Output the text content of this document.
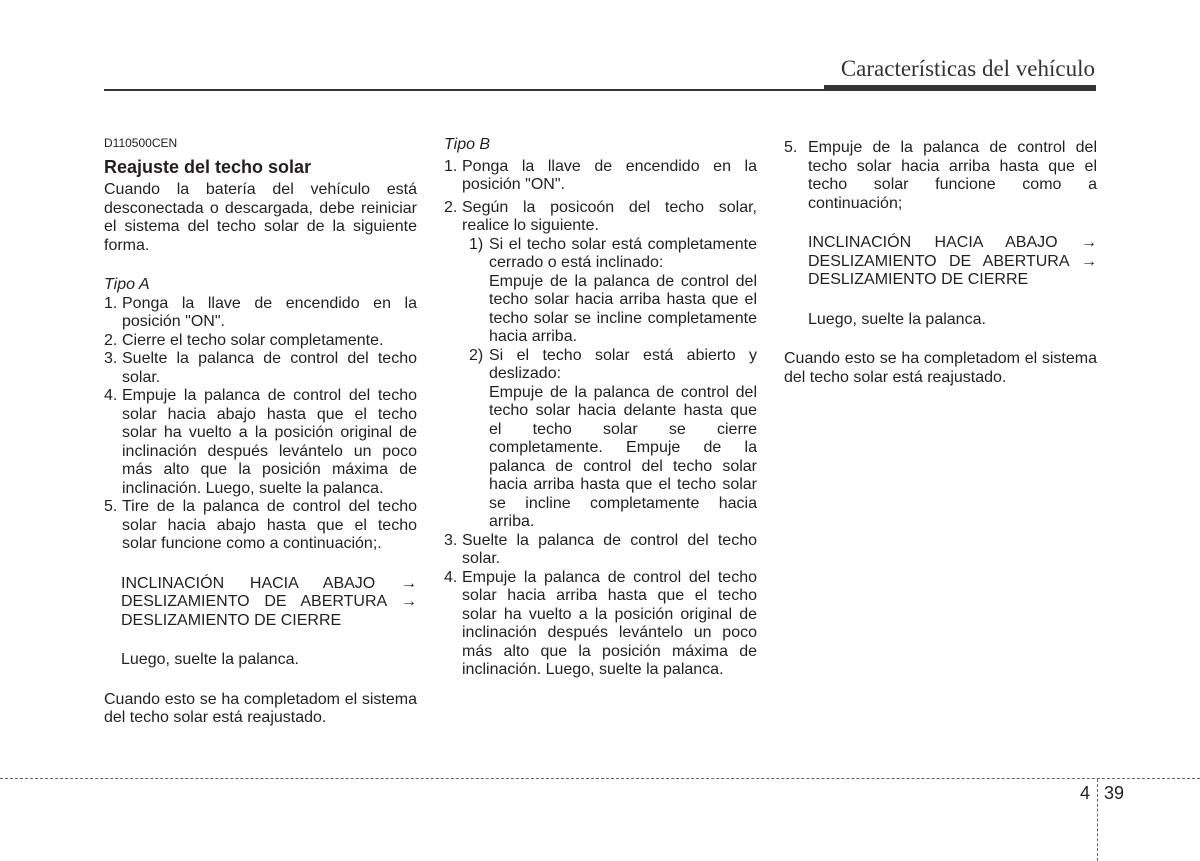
Características del vehículo

D110500CEN

Reajuste del techo solar

Cuando la batería del vehículo está desconectada o descargada, debe reiniciar el sistema del techo solar de la siguiente forma.

Tipo A

1. Ponga la llave de encendido en la posición "ON".
2. Cierre el techo solar completamente.
3. Suelte la palanca de control del techo solar.
4. Empuje la palanca de control del techo solar hacia abajo hasta que el techo solar ha vuelto a la posición original de inclinación después levántelo un poco más alto que la posición máxima de inclinación. Luego, suelte la palanca.
5. Tire de la palanca de control del techo solar hacia abajo hasta que el techo solar funcione como a continuación;.

INCLINACIÓN HACIA ABAJO → DESLIZAMIENTO DE ABERTURA → DESLIZAMIENTO DE CIERRE

Luego, suelte la palanca.

Cuando esto se ha completadom el sistema del techo solar está reajustado.

Tipo B

1. Ponga la llave de encendido en la posición "ON".
2. Según la posicoón del techo solar, realice lo siguiente.
1) Si el techo solar está completamente cerrado o está inclinado:

Empuje de la palanca de control del techo solar hacia arriba hasta que el techo solar se incline completamente hacia arriba.

2) Si el techo solar está abierto y deslizado:

Empuje de la palanca de control del techo solar hacia delante hasta que el techo solar se cierre completamente. Empuje de la palanca de control del techo solar hacia arriba hasta que el techo solar se incline completamente hacia arriba.

3. Suelte la palanca de control del techo solar.
4. Empuje la palanca de control del techo solar hacia arriba hasta que el techo solar ha vuelto a la posición original de inclinación después levántelo un poco más alto que la posición máxima de inclinación. Luego, suelte la palanca.
5. Empuje de la palanca de control del techo solar hacia arriba hasta que el techo solar funcione como a continuación;

INCLINACIÓN HACIA ABAJO → DESLIZAMIENTO DE ABERTURA → DESLIZAMIENTO DE CIERRE

Luego, suelte la palanca.

Cuando esto se ha completadom el sistema del techo solar está reajustado.

4 39
